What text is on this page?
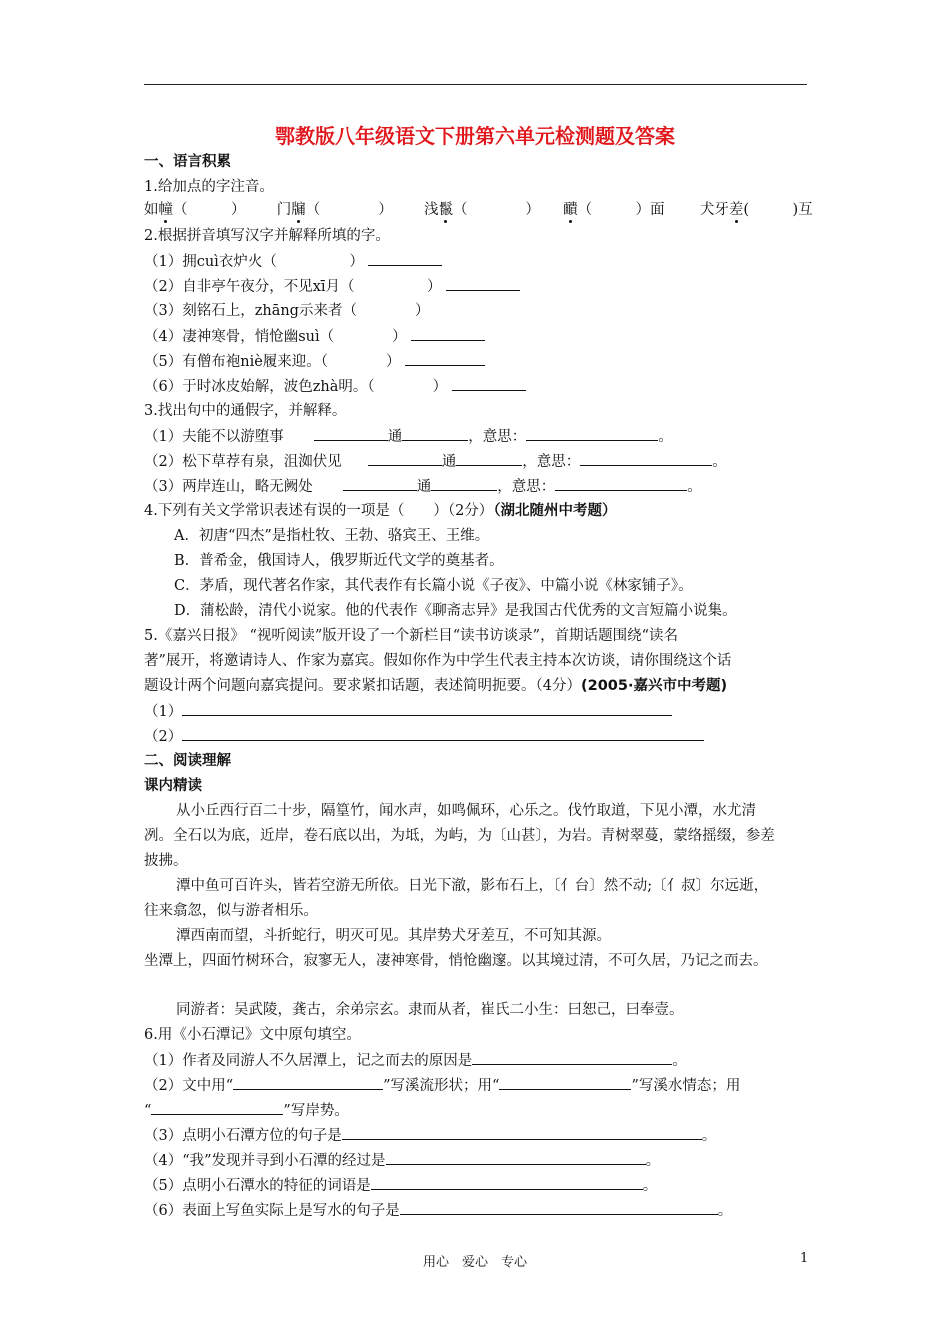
鄂教版八年级语文下册第六单元检测题及答案
一、语言积累
1.给加点的字注音。
如幢（　　　） 门牖（　　　　） 浅鬣（　　　　） 靧（　　　）面 犬牙差(　　　)互
2.根据拼音填写汉字并解释所填的字。
（1）拥cuì衣炉火（　　　　　）
（2）自非亭午夜分，不见xī月（　　　　　）
（3）刻铭石上，zhāng示来者（　　　　）
（4）凄神寒骨，悄怆幽suì（　　　　）
（5）有僧布袍niè履来迎。（　　　　）
（6）于时冰皮始解，波色zhà明。（　　　　）
3.找出句中的通假字，并解释。
（1）夫能不以游堕事	通	，意思：	。
（2）松下草荐有泉，沮洳伏见	通	，意思：	。
（3）两岸连山，略无阙处	通	，意思：	。
4.下列有关文学常识表述有误的一项是（　　）（2分）（湖北随州中考题）
A．初唐“四杰”是指杜牧、王勃、骆宾王、王维。
B．普希金，俄国诗人，俄罗斯近代文学的奠基者。
C．茅盾，现代著名作家，其代表作有长篇小说《子夜》、中篇小说《林家铺子》。
D．蒲松龄，清代小说家。他的代表作《聊斋志异》是我国古代优秀的文言短篇小说集。
5.《嘉兴日报》 “视听阅读”版开设了一个新栏目“读书访谈录”，首期话题围绕“读名
著”展开，将邀请诗人、作家为嘉宾。假如你作为中学生代表主持本次访谈，请你围绕这个话
题设计两个问题向嘉宾提问。要求紧扣话题，表述简明扼要。（4分）(2005·嘉兴市中考题)
（1）
（2）
二、阅读理解
课内精读
从小丘西行百二十步，隔篁竹，闻水声，如鸣佩环，心乐之。伐竹取道，下见小潭，水尤清
冽。全石以为底，近岸，卷石底以出，为坻，为屿，为〔山甚〕，为岩。青树翠蔓，蒙络摇缀，参差
披拂。
潭中鱼可百许头，皆若空游无所依。日光下澈，影布石上，〔亻台〕然不动;〔亻叔〕尔远逝，
往来翕忽，似与游者相乐。
潭西南而望，斗折蛇行，明灭可见。其岸势犬牙差互，不可知其源。
坐潭上，四面竹树环合，寂寥无人，凄神寒骨，悄怆幽邃。以其境过清，不可久居，乃记之而去。
同游者：吴武陵，龚古，余弟宗玄。隶而从者，崔氏二小生：曰恕己，曰奉壹。
6.用《小石潭记》文中原句填空。
（1）作者及同游人不久居潭上，记之而去的原因是	。
（2）文中用“	”写溪流形状；用“	”写溪水情态；用
“	”写岸势。
（3）点明小石潭方位的句子是	。
（4）“我”发现并寻到小石潭的经过是	。
（5）点明小石潭水的特征的词语是	。
（6）表面上写鱼实际上是写水的句子是	。
用心　爱心　专心	1
